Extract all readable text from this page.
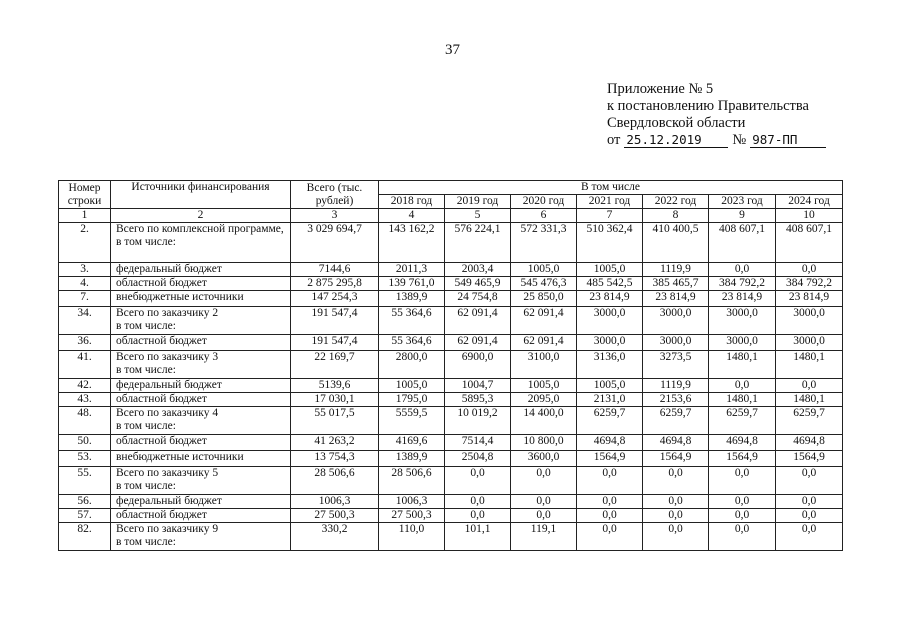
37
Приложение № 5
к постановлению Правительства
Свердловской области
от 25.12.2019	№ 987-ПП
Номер строки	Источники финансирования	Всего (тыс. рублей)	В том числе						
			2018 год	2019 год	2020 год	2021 год	2022 год	2023 год	2024 год
1	2	3	4	5	6	7	8	9	10
2.	Всего по комплексной программе,
в том числе:	3 029 694,7	143 162,2	576 224,1	572 331,3	510 362,4	410 400,5	408 607,1	408 607,1
3.	федеральный бюджет	7144,6	2011,3	2003,4	1005,0	1005,0	1119,9	0,0	0,0
4.	областной бюджет	2 875 295,8	139 761,0	549 465,9	545 476,3	485 542,5	385 465,7	384 792,2	384 792,2
7.	внебюджетные источники	147 254,3	1389,9	24 754,8	25 850,0	23 814,9	23 814,9	23 814,9	23 814,9
34.	Всего по заказчику 2
в том числе:	191 547,4	55 364,6	62 091,4	62 091,4	3000,0	3000,0	3000,0	3000,0
36.	областной бюджет	191 547,4	55 364,6	62 091,4	62 091,4	3000,0	3000,0	3000,0	3000,0
41.	Всего по заказчику 3
в том числе:	22 169,7	2800,0	6900,0	3100,0	3136,0	3273,5	1480,1	1480,1
42.	федеральный бюджет	5139,6	1005,0	1004,7	1005,0	1005,0	1119,9	0,0	0,0
43.	областной бюджет	17 030,1	1795,0	5895,3	2095,0	2131,0	2153,6	1480,1	1480,1
48.	Всего по заказчику 4
в том числе:	55 017,5	5559,5	10 019,2	14 400,0	6259,7	6259,7	6259,7	6259,7
50.	областной бюджет	41 263,2	4169,6	7514,4	10 800,0	4694,8	4694,8	4694,8	4694,8
53.	внебюджетные источники	13 754,3	1389,9	2504,8	3600,0	1564,9	1564,9	1564,9	1564,9
55.	Всего по заказчику 5
в том числе:	28 506,6	28 506,6	0,0	0,0	0,0	0,0	0,0	0,0
56.	федеральный бюджет	1006,3	1006,3	0,0	0,0	0,0	0,0	0,0	0,0
57.	областной бюджет	27 500,3	27 500,3	0,0	0,0	0,0	0,0	0,0	0,0
82.	Всего по заказчику 9
в том числе:	330,2	110,0	101,1	119,1	0,0	0,0	0,0	0,0
